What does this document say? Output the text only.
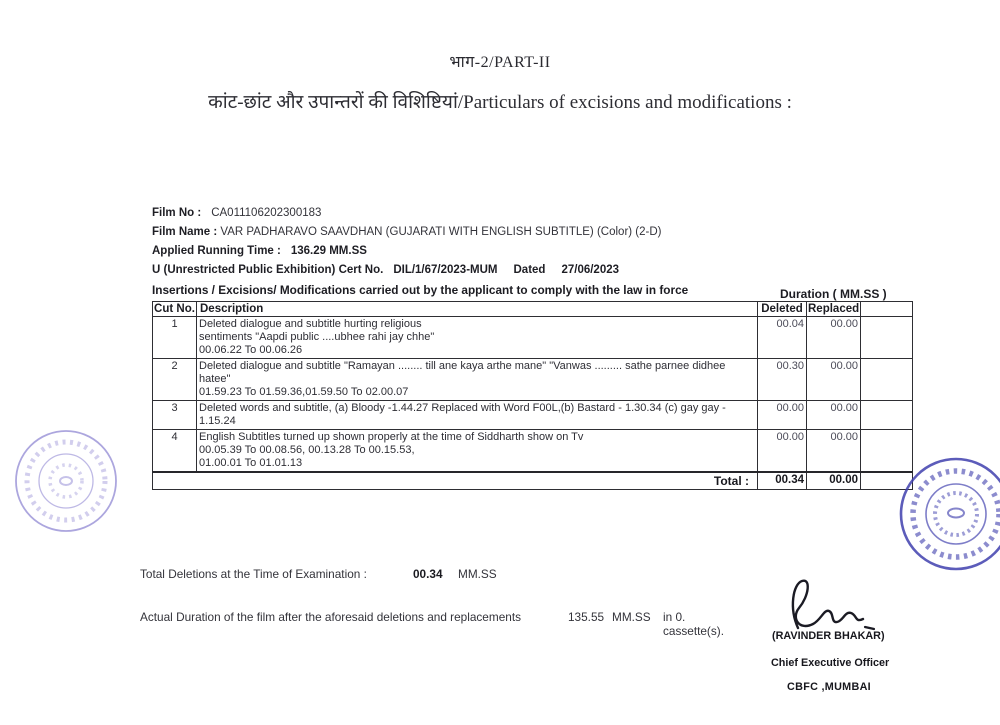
भाग-2/PART-II
कांट-छांट और उपान्तरों की विशिष्टियां/Particulars of excisions and modifications :
Film No : CA011106202300183
Film Name : VAR PADHARAVO SAAVDHAN (GUJARATI WITH ENGLISH SUBTITLE) (Color) (2-D)
Applied Running Time : 136.29 MM.SS
U (Unrestricted Public Exhibition) Cert No. DIL/1/67/2023-MUM Dated 27/06/2023
Insertions / Excisions/ Modifications carried out by the applicant to comply with the law in force	Duration ( MM.SS )
Cut No.	Description	Deleted	Replaced	
1	Deleted dialogue and subtitle hurting religious
sentiments "Aapdi public ....ubhee rahi jay chhe"
00.06.22 To 00.06.26	00.04	00.00	
2	Deleted dialogue and subtitle "Ramayan ........ till ane kaya arthe mane" "Vanwas ......... sathe parnee didhee
hatee"
01.59.23 To 01.59.36,01.59.50 To 02.00.07	00.30	00.00	
3	Deleted words and subtitle, (a) Bloody -1.44.27 Replaced with Word F00L,(b) Bastard - 1.30.34 (c) gay gay -
1.15.24	00.00	00.00	
4	English Subtitles turned up shown properly at the time of Siddharth show on Tv
00.05.39 To 00.08.56, 00.13.28 To 00.15.53,
01.00.01 To 01.01.13	00.00	00.00	
Total :		00.34	00.00	
Total Deletions at the Time of Examination :	00.34 MM.SS
Actual Duration of the film after the aforesaid deletions and replacements	135.55 MM.SS in 0. cassette(s).	(RAVINDER BHAKAR)
Chief Executive Officer
CBFC ,MUMBAI
